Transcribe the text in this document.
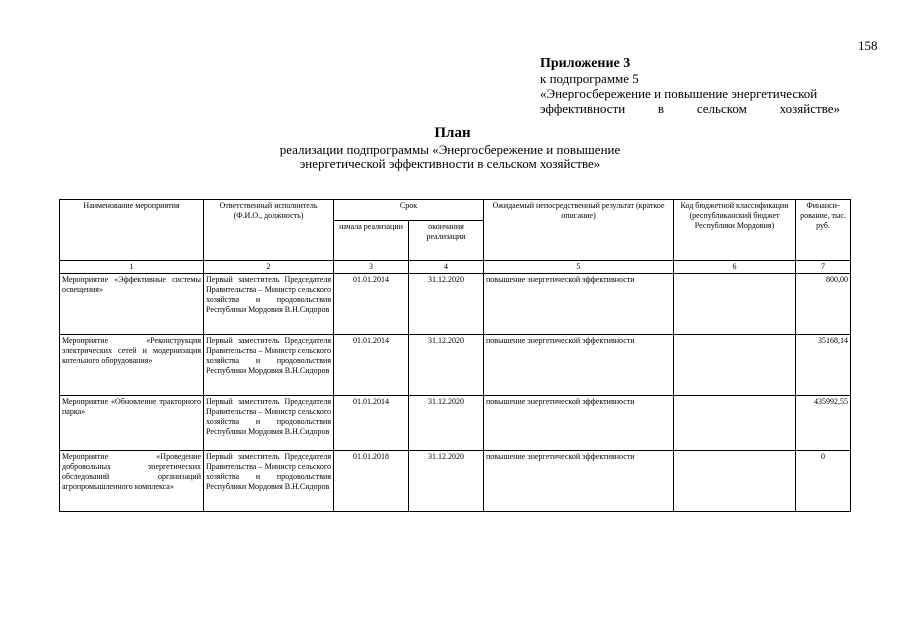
158
Приложение 3
к подпрограмме 5
«Энергосбережение и повышение энергетической
эффективности в сельском хозяйстве»
План
реализации подпрограммы «Энергосбережение и повышение
энергетической эффективности в сельском хозяйстве»
Наименование мероприятия	Ответственный исполнитель (Ф.И.О., должность)	Срок		Ожидаемый непосредственный результат (краткое описание)	Код бюджетной классификации (республиканский бюджет Республики Мордовия)	Финанси-рование, тыс. руб.
		начала реализации	окончания реализации			
1	2	3	4	5	6	7
Мероприятие «Эффективные системы освещения»	Первый заместитель Председателя Правительства – Министр сельского хозяйства и продовольствия Республики Мордовия В.Н.Сидоров	01.01.2014	31.12.2020	повышение энергетической эффективности		800,00
Мероприятие «Реконструкция электрических сетей и модернизация котельного оборудования»	Первый заместитель Председателя Правительства – Министр сельского хозяйства и продовольствия Республики Мордовия В.Н.Сидоров	01.01.2014	31.12.2020	повышение энергетической эффективности		35168,14
Мероприятие «Обновление тракторного парка»	Первый заместитель Председателя Правительства – Министр сельского хозяйства и продовольствия Республики Мордовия В.Н.Сидоров	01.01.2014	31.12.2020	повышение энергетической эффективности		435992,55
Мероприятие «Проведение добровольных энергетических обследований организаций агропромышленного комплекса»	Первый заместитель Председателя Правительства – Министр сельского хозяйства и продовольствия Республики Мордовия В.Н.Сидоров	01.01.2018	31.12.2020	повышение энергетической эффективности		0
